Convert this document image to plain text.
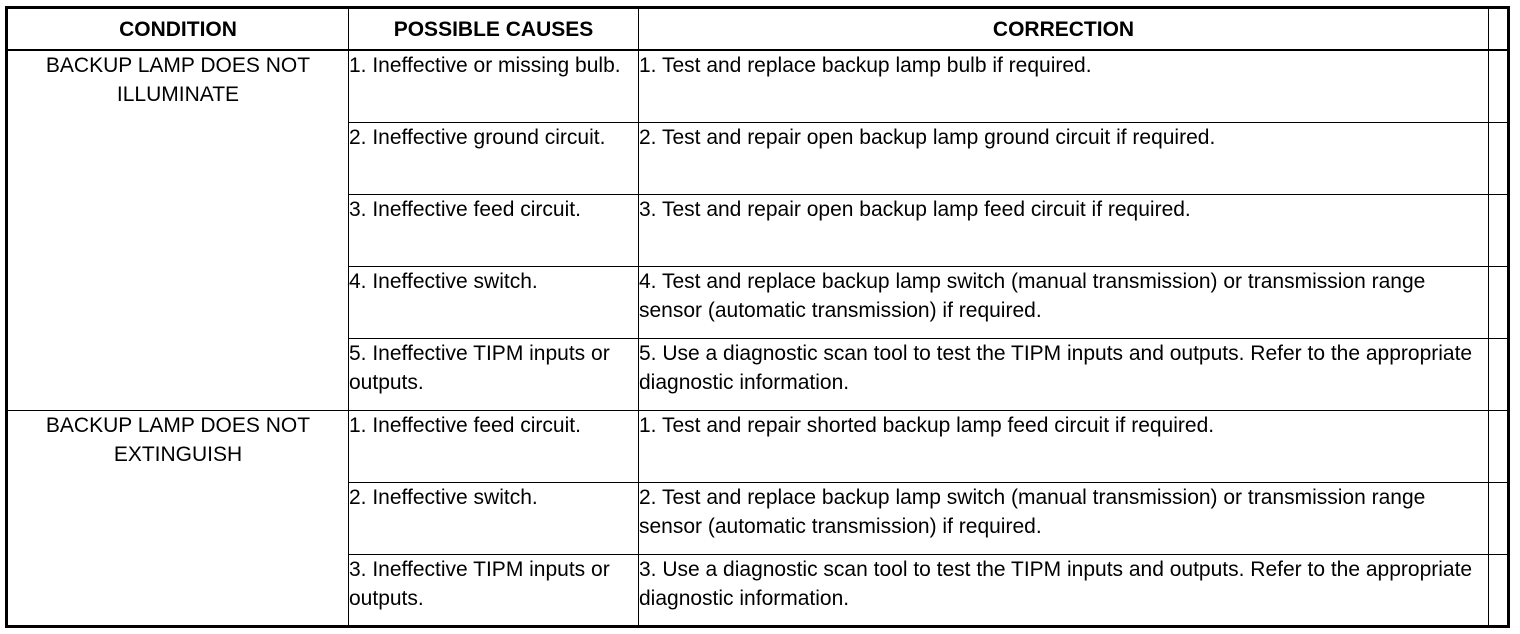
CONDITION	POSSIBLE CAUSES	CORRECTION	

BACKUP LAMP DOES NOT
ILLUMINATE	1. Ineffective or missing bulb.	1. Test and replace backup lamp bulb if required.	
	2. Ineffective ground circuit.	2. Test and repair open backup lamp ground circuit if required.	
	3. Ineffective feed circuit.	3. Test and repair open backup lamp feed circuit if required.	
	4. Ineffective switch.	4. Test and replace backup lamp switch (manual transmission) or transmission range sensor (automatic transmission) if required.	
	5. Ineffective TIPM inputs or outputs.	5. Use a diagnostic scan tool to test the TIPM inputs and outputs. Refer to the appropriate diagnostic information.	

BACKUP LAMP DOES NOT
EXTINGUISH	1. Ineffective feed circuit.	1. Test and repair shorted backup lamp feed circuit if required.	
	2. Ineffective switch.	2. Test and replace backup lamp switch (manual transmission) or transmission range sensor (automatic transmission) if required.	
	3. Ineffective TIPM inputs or outputs.	3. Use a diagnostic scan tool to test the TIPM inputs and outputs. Refer to the appropriate diagnostic information.	
